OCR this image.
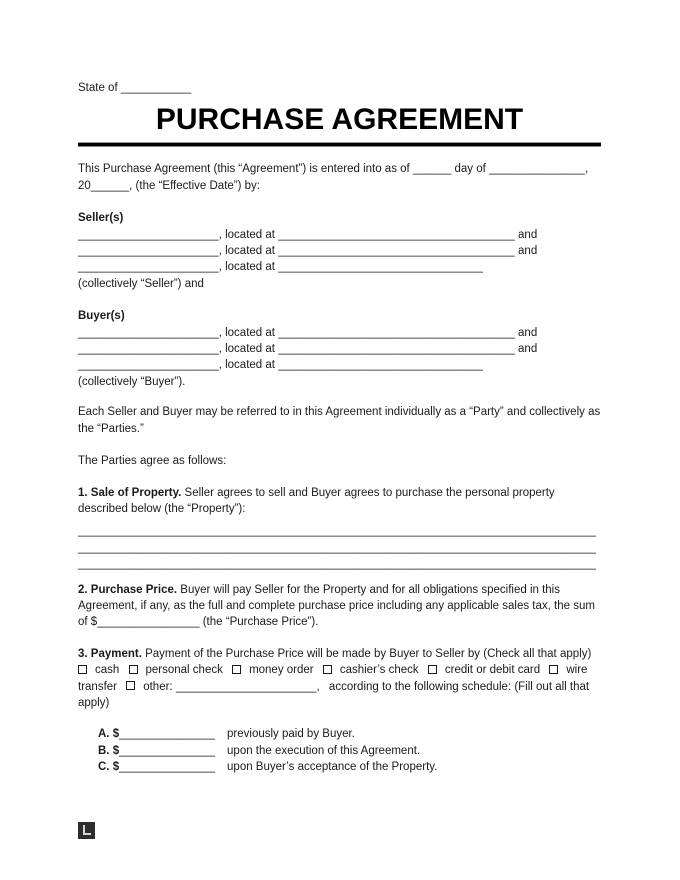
State of ___________
PURCHASE AGREEMENT

This Purchase Agreement (this “Agreement”) is entered into as of ______ day of _______________, 20______, (the “Effective Date”) by:

Seller(s)
______________________, located at _____________________________________ and
______________________, located at _____________________________________ and
______________________, located at ________________________________
(collectively “Seller”) and
Buyer(s)
______________________, located at _____________________________________ and
______________________, located at _____________________________________ and
______________________, located at ________________________________
(collectively “Buyer”).

Each Seller and Buyer may be referred to in this Agreement individually as a “Party” and collectively as the “Parties.”

The Parties agree as follows:

1. Sale of Property. Seller agrees to sell and Buyer agrees to purchase the personal property described below (the “Property”):

_________________________________________________________________________________
_________________________________________________________________________________
_________________________________________________________________________________

2. Purchase Price. Buyer will pay Seller for the Property and for all obligations specified in this Agreement, if any, as the full and complete purchase price including any applicable sales tax, the sum of $________________ (the “Purchase Price”).

3. Payment. Payment of the Purchase Price will be made by Buyer to Seller by (Check all that apply) cash personal check money order cashier’s check credit or debit card wire transfer other: ______________________, according to the following schedule: (Fill out all that apply)

A. $_______________ previously paid by Buyer.
B. $_______________ upon the execution of this Agreement.
C. $_______________ upon Buyer’s acceptance of the Property.
